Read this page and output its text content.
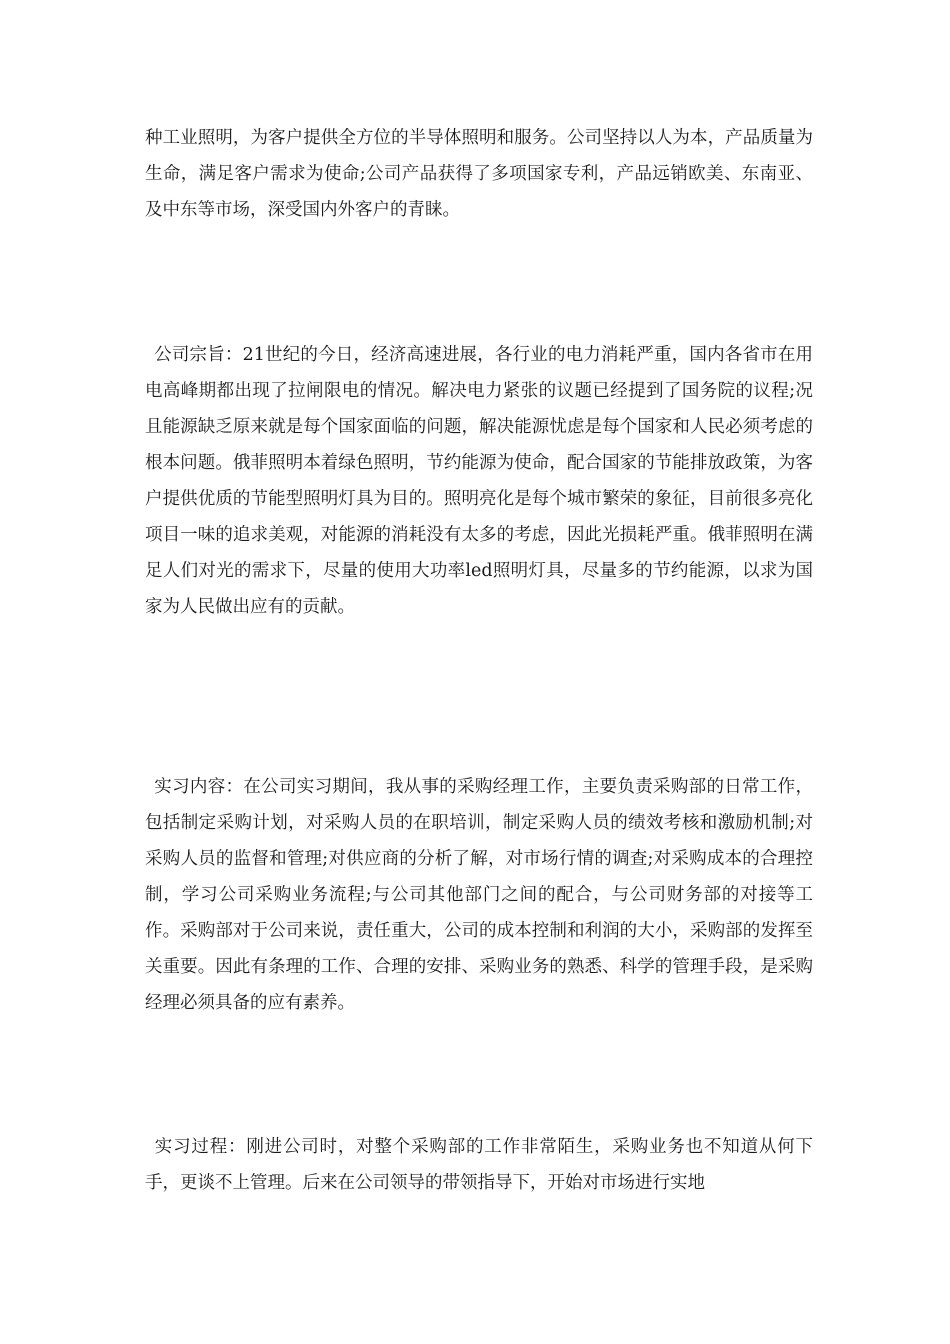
种工业照明，为客户提供全方位的半导体照明和服务。公司坚持以人为本，产品质量为生命，满足客户需求为使命;公司产品获得了多项国家专利，产品远销欧美、东南亚、及中东等市场，深受国内外客户的青睐。

公司宗旨：21世纪的今日，经济高速进展，各行业的电力消耗严重，国内各省市在用电高峰期都出现了拉闸限电的情况。解决电力紧张的议题已经提到了国务院的议程;况且能源缺乏原来就是每个国家面临的问题，解决能源忧虑是每个国家和人民必须考虑的根本问题。俄菲照明本着绿色照明，节约能源为使命，配合国家的节能排放政策，为客户提供优质的节能型照明灯具为目的。照明亮化是每个城市繁荣的象征，目前很多亮化项目一味的追求美观，对能源的消耗没有太多的考虑，因此光损耗严重。俄菲照明在满足人们对光的需求下，尽量的使用大功率led照明灯具，尽量多的节约能源，以求为国家为人民做出应有的贡献。

实习内容：在公司实习期间，我从事的采购经理工作，主要负责采购部的日常工作，包括制定采购计划，对采购人员的在职培训，制定采购人员的绩效考核和激励机制;对采购人员的监督和管理;对供应商的分析了解，对市场行情的调查;对采购成本的合理控制，学习公司采购业务流程;与公司其他部门之间的配合，与公司财务部的对接等工作。采购部对于公司来说，责任重大，公司的成本控制和利润的大小，采购部的发挥至关重要。因此有条理的工作、合理的安排、采购业务的熟悉、科学的管理手段，是采购经理必须具备的应有素养。

实习过程：刚进公司时，对整个采购部的工作非常陌生，采购业务也不知道从何下手，更谈不上管理。后来在公司领导的带领指导下，开始对市场进行实地
